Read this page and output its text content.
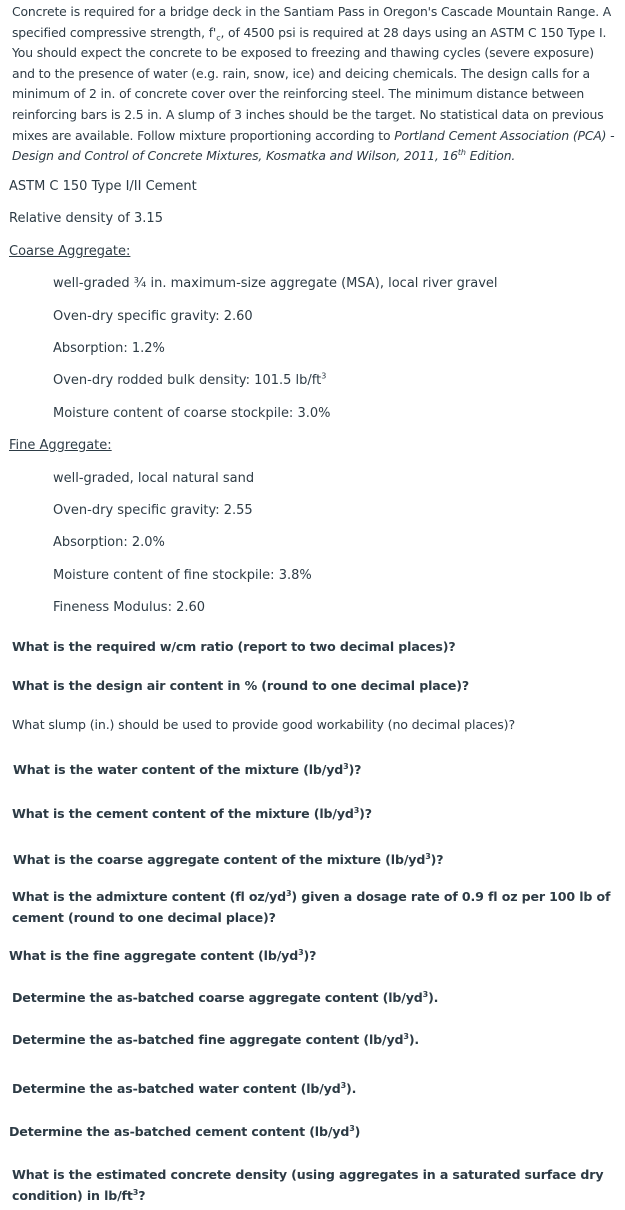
Concrete is required for a bridge deck in the Santiam Pass in Oregon's Cascade Mountain Range. A specified compressive strength, $f'_c$, of 4500 psi is required at 28 days using an ASTM C 150 Type I. You should expect the concrete to be exposed to freezing and thawing cycles (severe exposure) and to the presence of water (e.g. rain, snow, ice) and deicing chemicals. The design calls for a minimum of 2 in. of concrete cover over the reinforcing steel. The minimum distance between reinforcing bars is 2.5 in. A slump of 3 inches should be the target. No statistical data on previous mixes are available. Follow mixture proportioning according to Portland Cement Association (PCA) - Design and Control of Concrete Mixtures, Kosmatka and Wilson, 2011, 16th Edition.
ASTM C 150 Type I/II Cement
Relative density of 3.15
Coarse Aggregate:
well-graded ¾ in. maximum-size aggregate (MSA), local river gravel
Oven-dry specific gravity: 2.60
Absorption: 1.2%
Oven-dry rodded bulk density: 101.5 $lb/ft^3$
Moisture content of coarse stockpile: 3.0%
Fine Aggregate:
well-graded, local natural sand
Oven-dry specific gravity: 2.55
Absorption: 2.0%
Moisture content of fine stockpile: 3.8%
Fineness Modulus: 2.60
What is the required w/cm ratio (report to two decimal places)?
What is the design air content in % (round to one decimal place)?
What slump (in.) should be used to provide good workability (no decimal places)?
What is the water content of the mixture $(lb/yd^3)$?
What is the cement content of the mixture $(lb/yd^3)$?
What is the coarse aggregate content of the mixture $(lb/yd^3)$?
What is the admixture content (fl $oz/yd^3$) given a dosage rate of 0.9 fl oz per 100 lb of cement (round to one decimal place)?
What is the fine aggregate content $(lb/yd^3)$?
Determine the as-batched coarse aggregate content $(lb/yd^3)$.
Determine the as-batched fine aggregate content $(lb/yd^3)$.
Determine the as-batched water content $(lb/yd^3)$.
Determine the as-batched cement content $(lb/yd^3)$
What is the estimated concrete density (using aggregates in a saturated surface dry condition) in $lb/ft^3$?
